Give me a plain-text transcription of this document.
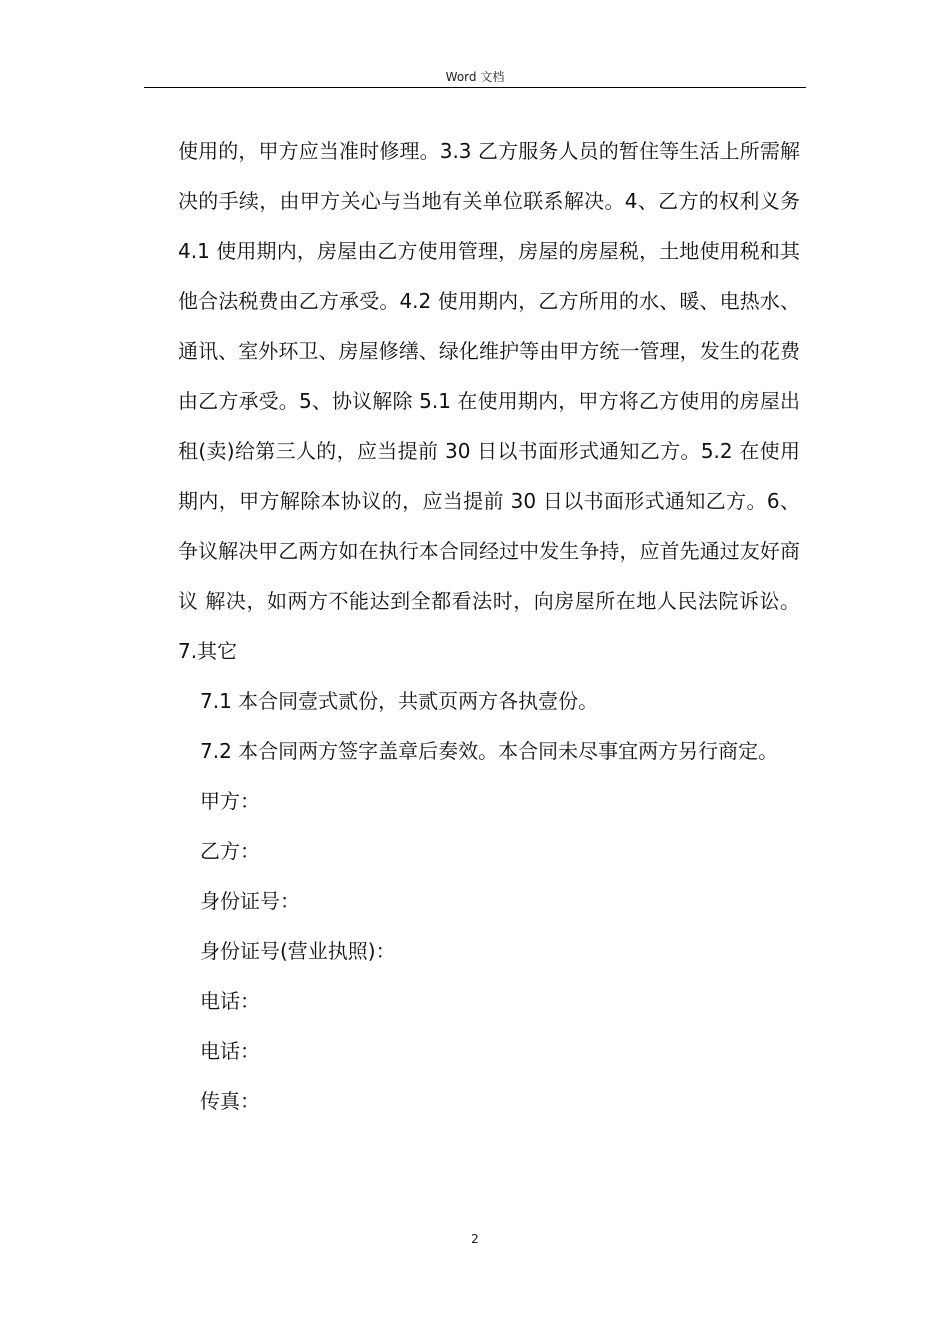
Word 文档

使用的，甲方应当准时修理。3.3 乙方服务人员的暂住等生活上所需解决的手续，由甲方关心与当地有关单位联系解决。4、乙方的权利义务 4.1 使用期内，房屋由乙方使用管理，房屋的房屋税，土地使用税和其他合法税费由乙方承受。4.2 使用期内，乙方所用的水、暖、电热水、通讯、室外环卫、房屋修缮、绿化维护等由甲方统一管理，发生的花费由乙方承受。5、协议解除 5.1 在使用期内，甲方将乙方使用的房屋出租(卖)给第三人的，应当提前 30 日以书面形式通知乙方。5.2 在使用期内，甲方解除本协议的，应当提前 30 日以书面形式通知乙方。6、争议解决甲乙两方如在执行本合同经过中发生争持，应首先通过友好商议 解决，如两方不能达到全都看法时，向房屋所在地人民法院诉讼。7.其它

7.1 本合同壹式贰份，共贰页两方各执壹份。

7.2 本合同两方签字盖章后奏效。本合同未尽事宜两方另行商定。

甲方：

乙方：

身份证号：

身份证号(营业执照)：

电话：

电话：

传真：

2
